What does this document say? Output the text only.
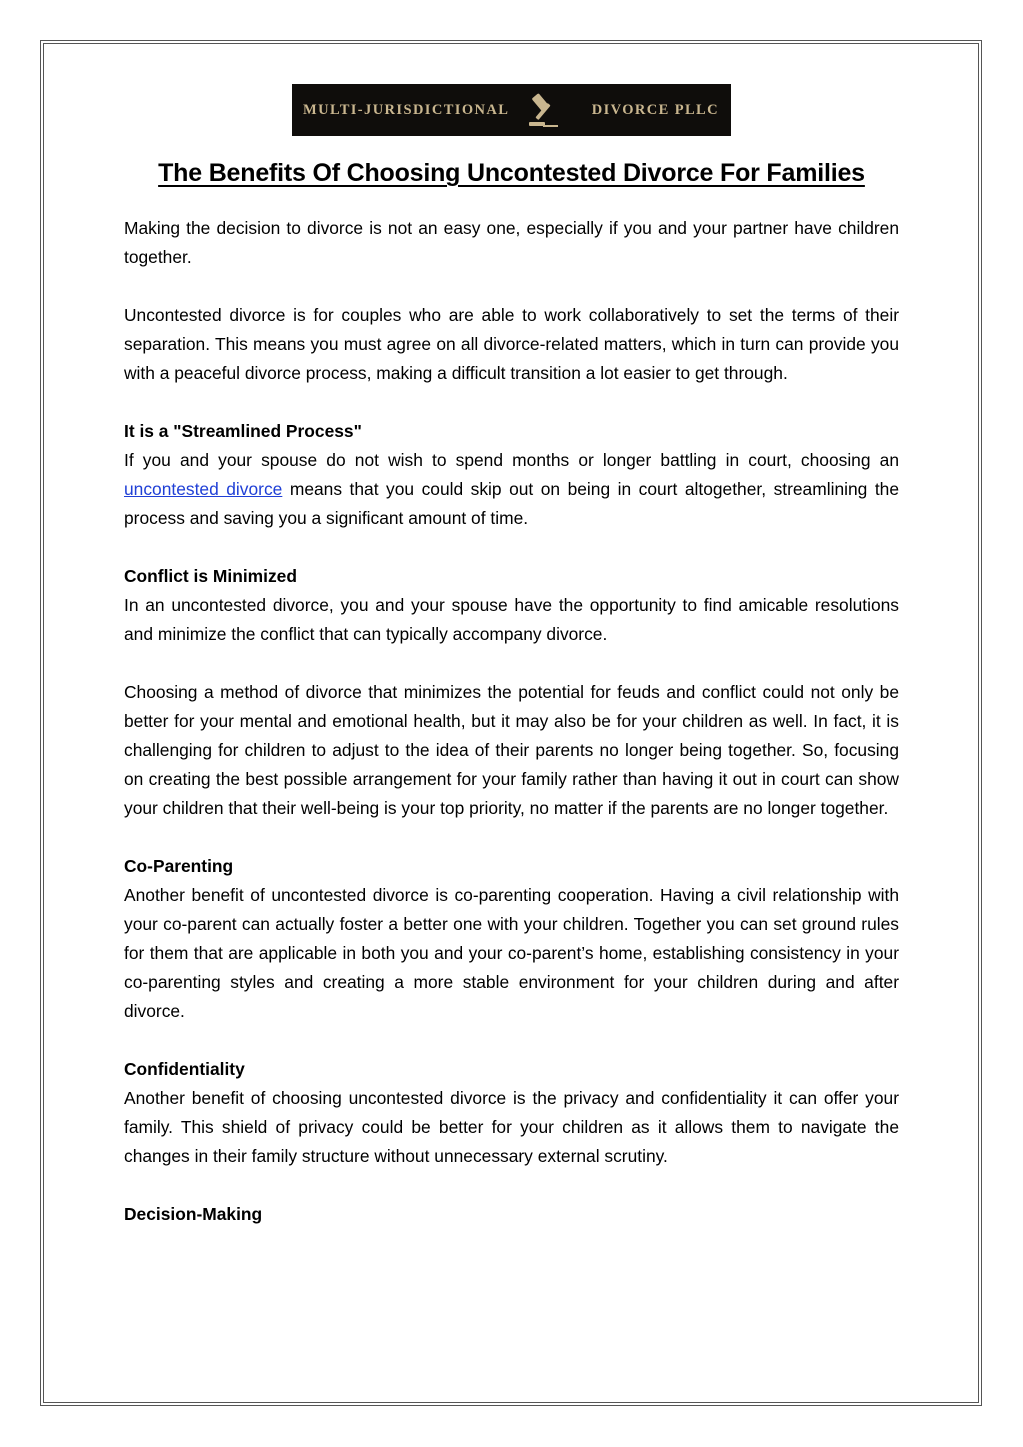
MULTI-JURISDICTIONAL	DIVORCE PLLC
The Benefits Of Choosing Uncontested Divorce For Families

Making the decision to divorce is not an easy one, especially if you and your partner have children together.

Uncontested divorce is for couples who are able to work collaboratively to set the terms of their separation. This means you must agree on all divorce-related matters, which in turn can provide you with a peaceful divorce process, making a difficult transition a lot easier to get through.

It is a "Streamlined Process"

If you and your spouse do not wish to spend months or longer battling in court, choosing an uncontested divorce means that you could skip out on being in court altogether, streamlining the process and saving you a significant amount of time.

Conflict is Minimized

In an uncontested divorce, you and your spouse have the opportunity to find amicable resolutions and minimize the conflict that can typically accompany divorce.

Choosing a method of divorce that minimizes the potential for feuds and conflict could not only be better for your mental and emotional health, but it may also be for your children as well. In fact, it is challenging for children to adjust to the idea of their parents no longer being together. So, focusing on creating the best possible arrangement for your family rather than having it out in court can show your children that their well-being is your top priority, no matter if the parents are no longer together.

Co-Parenting

Another benefit of uncontested divorce is co-parenting cooperation. Having a civil relationship with your co-parent can actually foster a better one with your children. Together you can set ground rules for them that are applicable in both you and your co-parent’s home, establishing consistency in your co-parenting styles and creating a more stable environment for your children during and after divorce.

Confidentiality

Another benefit of choosing uncontested divorce is the privacy and confidentiality it can offer your family. This shield of privacy could be better for your children as it allows them to navigate the changes in their family structure without unnecessary external scrutiny.

Decision-Making
